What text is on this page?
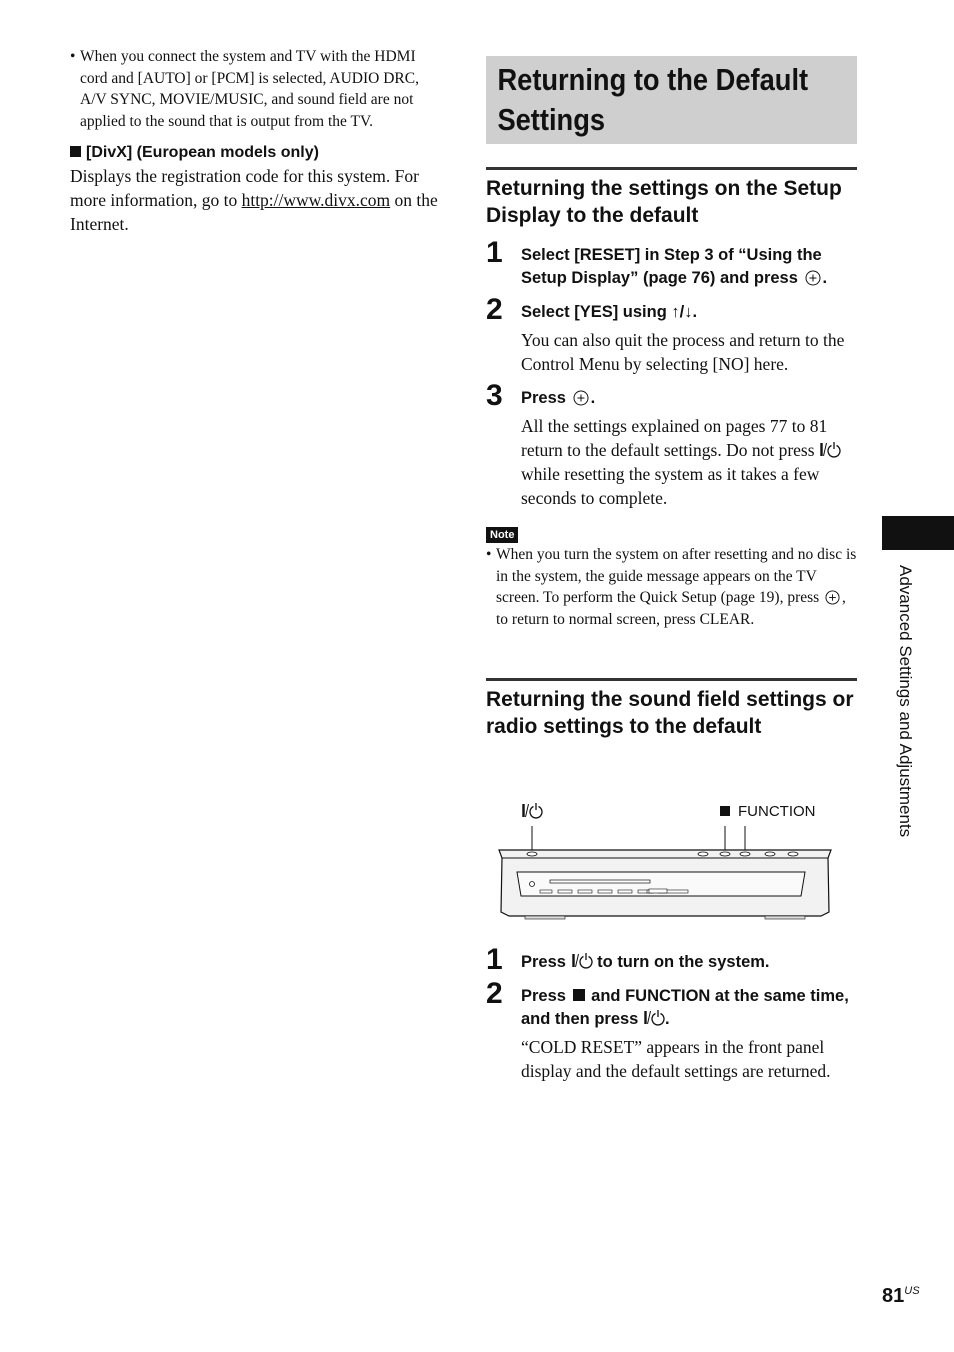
• When you connect the system and TV with the HDMI cord and [AUTO] or [PCM] is selected, AUDIO DRC, A/V SYNC, MOVIE/MUSIC, and sound field are not applied to the sound that is output from the TV.
[DivX] (European models only)
Displays the registration code for this system. For more information, go to http://www.divx.com on the Internet.
Returning to the Default Settings
Returning the settings on the Setup Display to the default
1 Select [RESET] in Step 3 of “Using the Setup Display” (page 76) and press .
2 Select [YES] using ↑/↓.
You can also quit the process and return to the Control Menu by selecting [NO] here.
3 Press .
All the settings explained on pages 77 to 81 return to the default settings. Do not press  while resetting the system as it takes a few seconds to complete.
Note
• When you turn the system on after resetting and no disc is in the system, the guide message appears on the TV screen. To perform the Quick Setup (page 19), press , to return to normal screen, press CLEAR.
Returning the sound field settings or radio settings to the default
FUNCTION
1 Press to turn on the system.
2 Press and FUNCTION at the same time, and then press .
“COLD RESET” appears in the front panel display and the default settings are returned.
Advanced Settings and Adjustments
$81^{US}$
